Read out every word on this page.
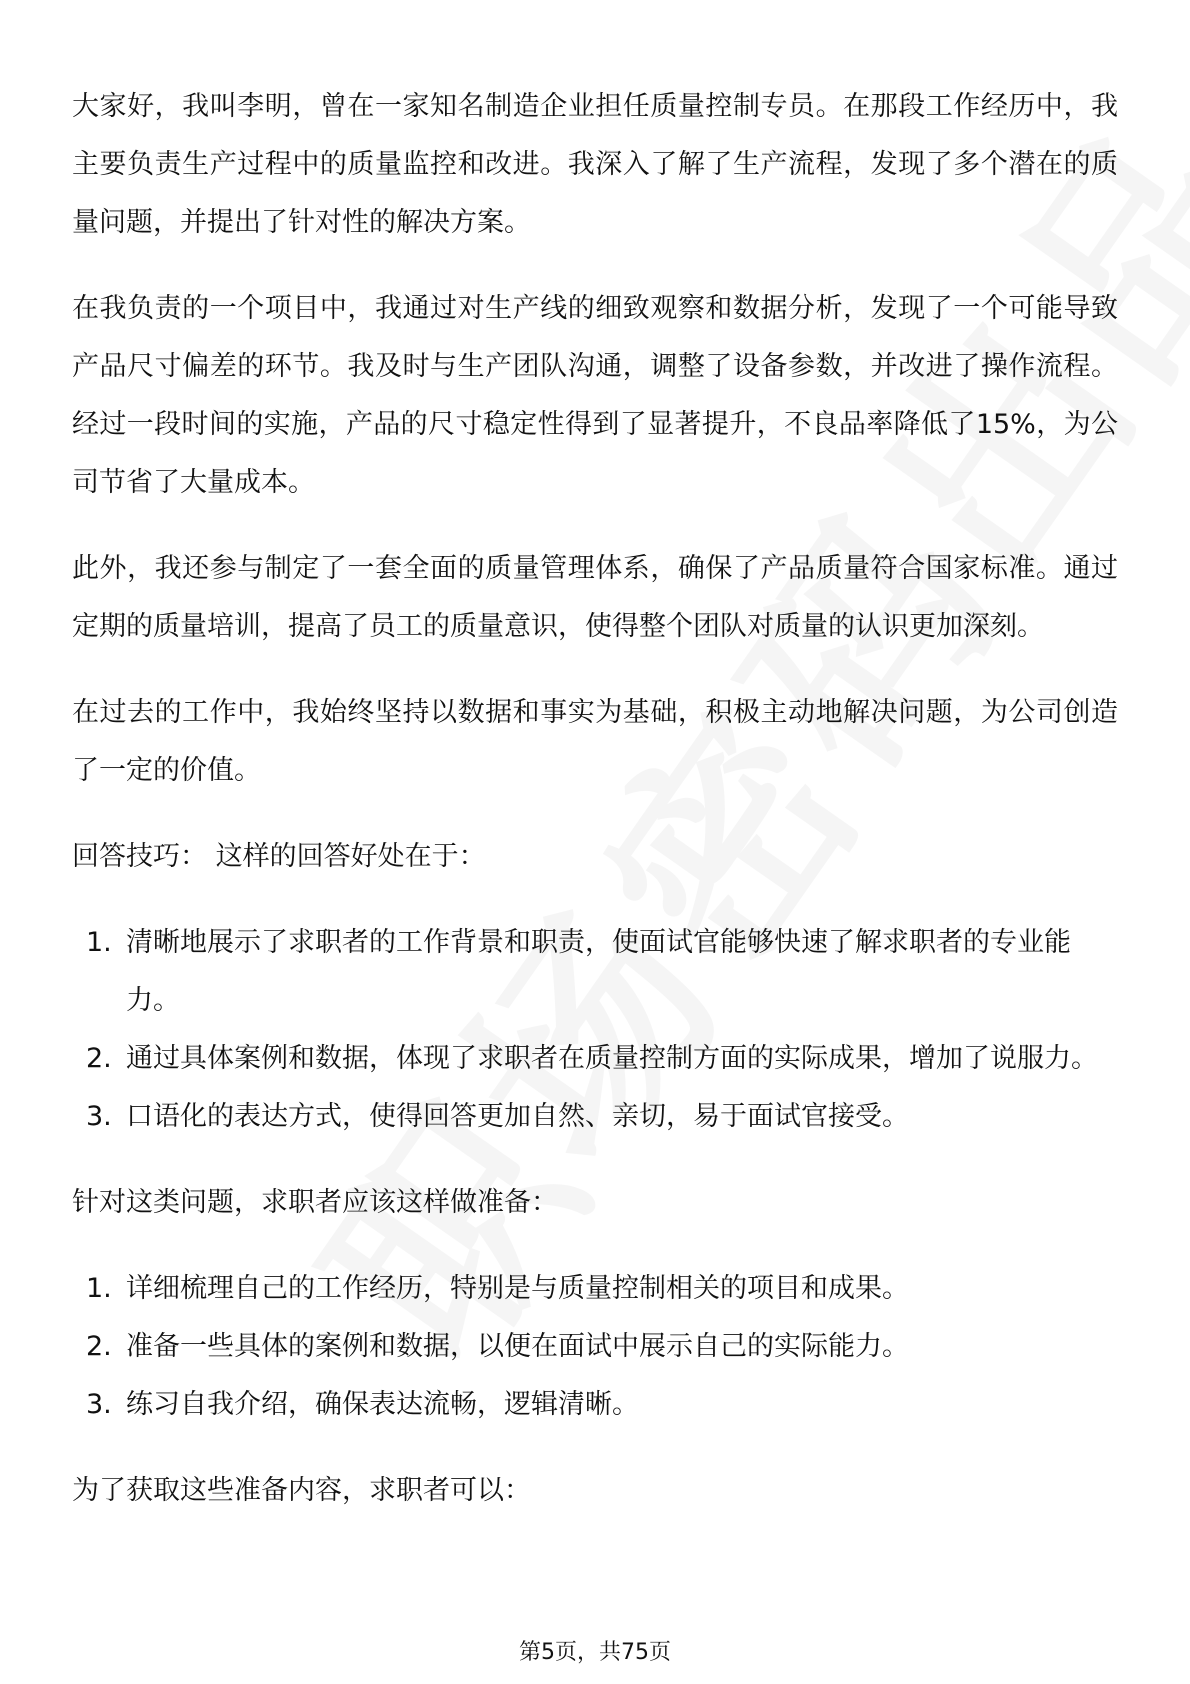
大家好，我叫李明，曾在一家知名制造企业担任质量控制专员。在那段工作经历中，我主要负责生产过程中的质量监控和改进。我深入了解了生产流程，发现了多个潜在的质量问题，并提出了针对性的解决方案。

在我负责的一个项目中，我通过对生产线的细致观察和数据分析，发现了一个可能导致产品尺寸偏差的环节。我及时与生产团队沟通，调整了设备参数，并改进了操作流程。经过一段时间的实施，产品的尺寸稳定性得到了显著提升，不良品率降低了15%，为公司节省了大量成本。

此外，我还参与制定了一套全面的质量管理体系，确保了产品质量符合国家标准。通过定期的质量培训，提高了员工的质量意识，使得整个团队对质量的认识更加深刻。

在过去的工作中，我始终坚持以数据和事实为基础，积极主动地解决问题，为公司创造了一定的价值。

回答技巧： 这样的回答好处在于：

1. 清晰地展示了求职者的工作背景和职责，使面试官能够快速了解求职者的专业能力。
2. 通过具体案例和数据，体现了求职者在质量控制方面的实际成果，增加了说服力。
3. 口语化的表达方式，使得回答更加自然、亲切，易于面试官接受。

针对这类问题，求职者应该这样做准备：

1. 详细梳理自己的工作经历，特别是与质量控制相关的项目和成果。
2. 准备一些具体的案例和数据，以便在面试中展示自己的实际能力。
3. 练习自我介绍，确保表达流畅，逻辑清晰。

为了获取这些准备内容，求职者可以：

第5页，共75页
